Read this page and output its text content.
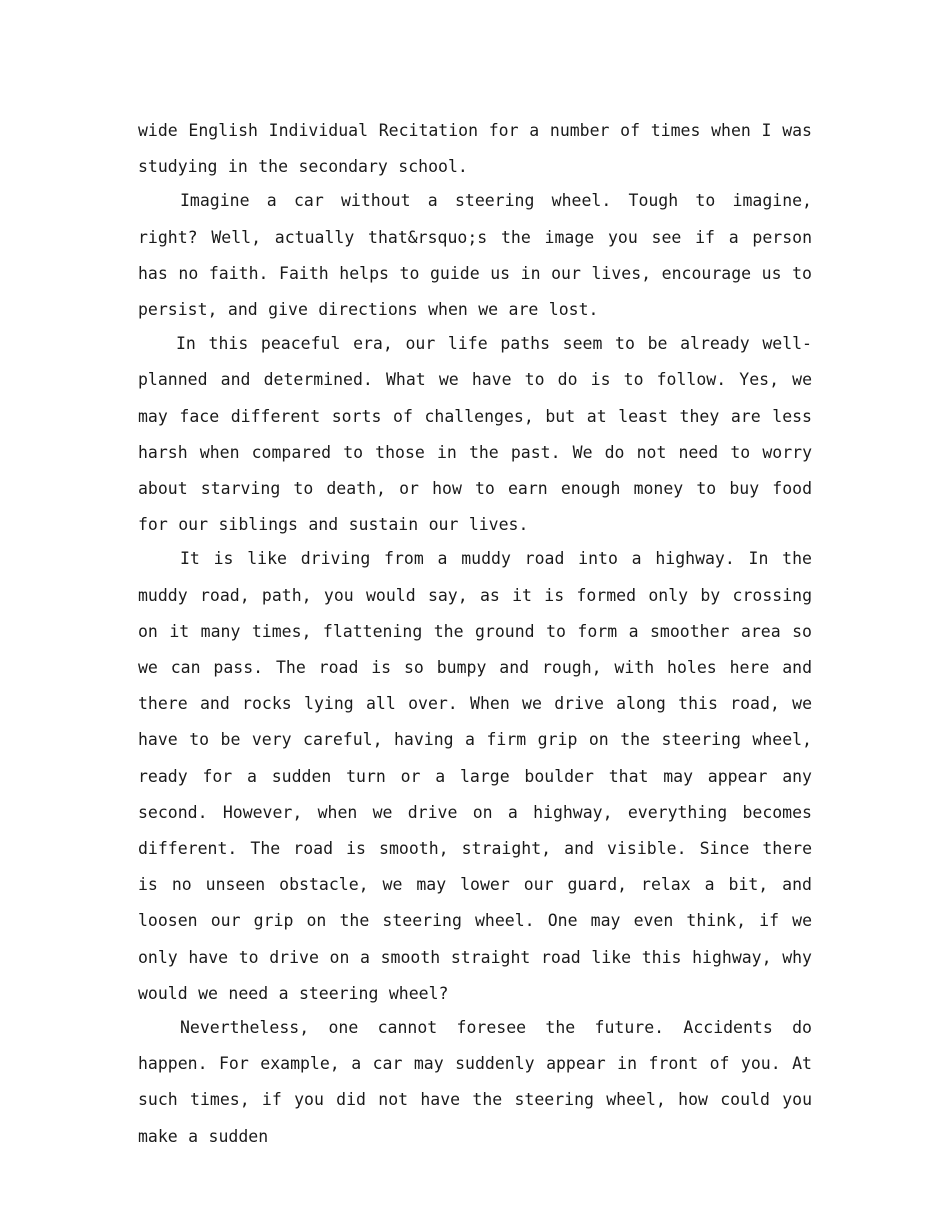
wide English Individual Recitation for a number of times when I was studying in the secondary school.

Imagine a car without a steering wheel. Tough to imagine, right? Well, actually that&rsquo;s the image you see if a person has no faith. Faith helps to guide us in our lives, encourage us to persist, and give directions when we are lost.

In this peaceful era, our life paths seem to be already well-planned and determined. What we have to do is to follow. Yes, we may face different sorts of challenges, but at least they are less harsh when compared to those in the past. We do not need to worry about starving to death, or how to earn enough money to buy food for our siblings and sustain our lives.

It is like driving from a muddy road into a highway. In the muddy road, path, you would say, as it is formed only by crossing on it many times, flattening the ground to form a smoother area so we can pass. The road is so bumpy and rough, with holes here and there and rocks lying all over. When we drive along this road, we have to be very careful, having a firm grip on the steering wheel, ready for a sudden turn or a large boulder that may appear any second. However, when we drive on a highway, everything becomes different. The road is smooth, straight, and visible. Since there is no unseen obstacle, we may lower our guard, relax a bit, and loosen our grip on the steering wheel. One may even think, if we only have to drive on a smooth straight road like this highway, why would we need a steering wheel?

Nevertheless, one cannot foresee the future. Accidents do happen. For example, a car may suddenly appear in front of you. At such times, if you did not have the steering wheel, how could you make a sudden
